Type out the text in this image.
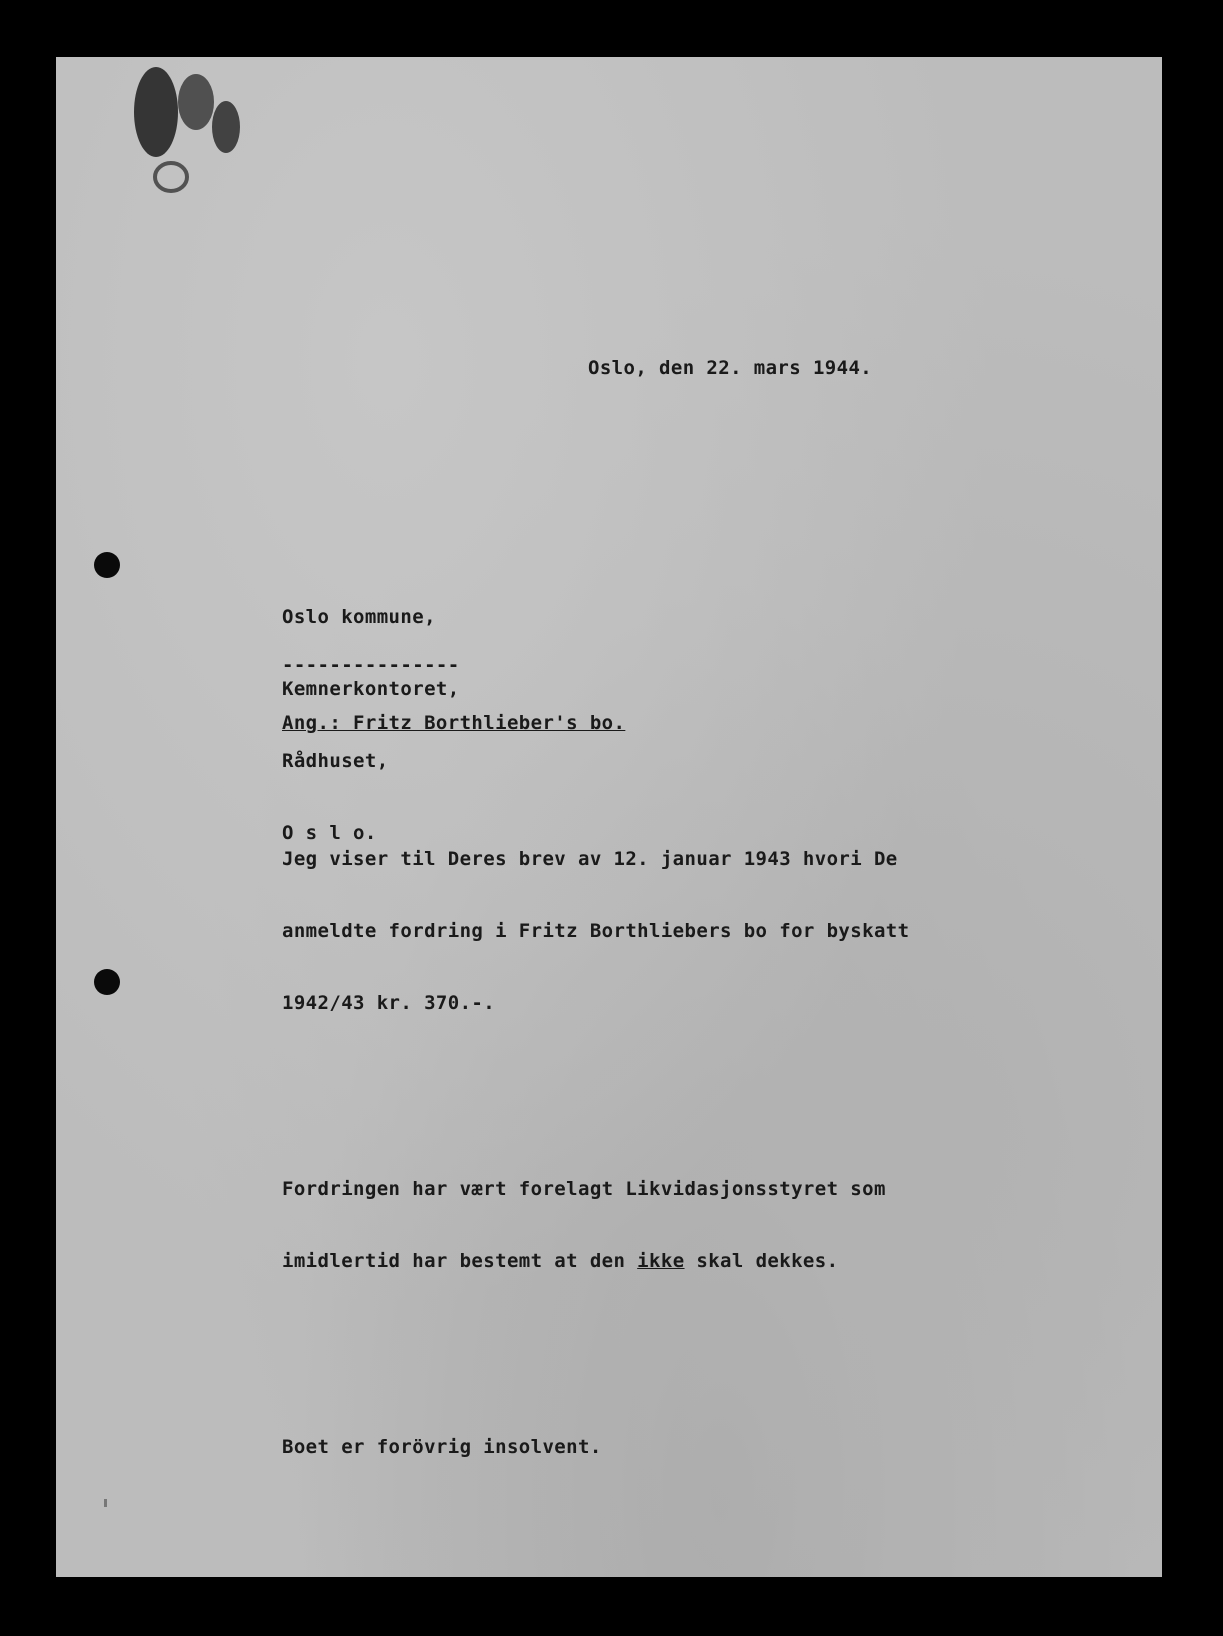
Oslo, den 22. mars 1944.

Oslo kommune,

Kemnerkontoret,

Rådhuset,

O s l o.

---------------
Ang.: Fritz Borthlieber's bo.

Jeg viser til Deres brev av 12. januar 1943 hvori De

anmeldte fordring i Fritz Borthliebers bo for byskatt

1942/43 kr. 370.-.

Fordringen har vært forelagt Likvidasjonsstyret som

imidlertid har bestemt at den ikke skal dekkes.

Boet er forövrig insolvent.
